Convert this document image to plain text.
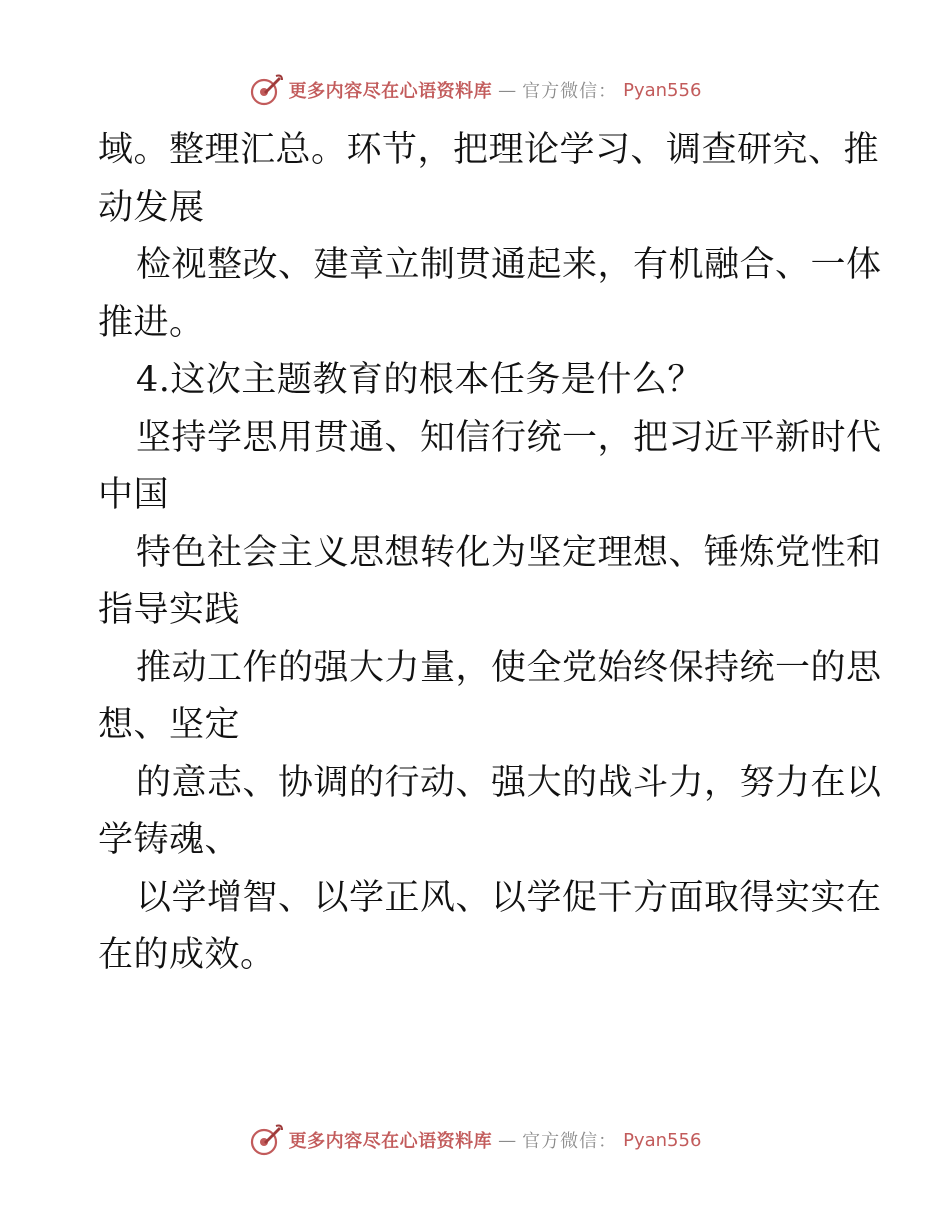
更多内容尽在心语资料库 — 官方微信： Pyan556
域。整理汇总。环节，把理论学习、调查研究、推
动发展
检视整改、建章立制贯通起来，有机融合、一体
推进。
4.这次主题教育的根本任务是什么？
坚持学思用贯通、知信行统一，把习近平新时代
中国
特色社会主义思想转化为坚定理想、锤炼党性和
指导实践
推动工作的强大力量，使全党始终保持统一的思
想、坚定
的意志、协调的行动、强大的战斗力，努力在以
学铸魂、
以学增智、以学正风、以学促干方面取得实实在
在的成效。
更多内容尽在心语资料库 — 官方微信： Pyan556
